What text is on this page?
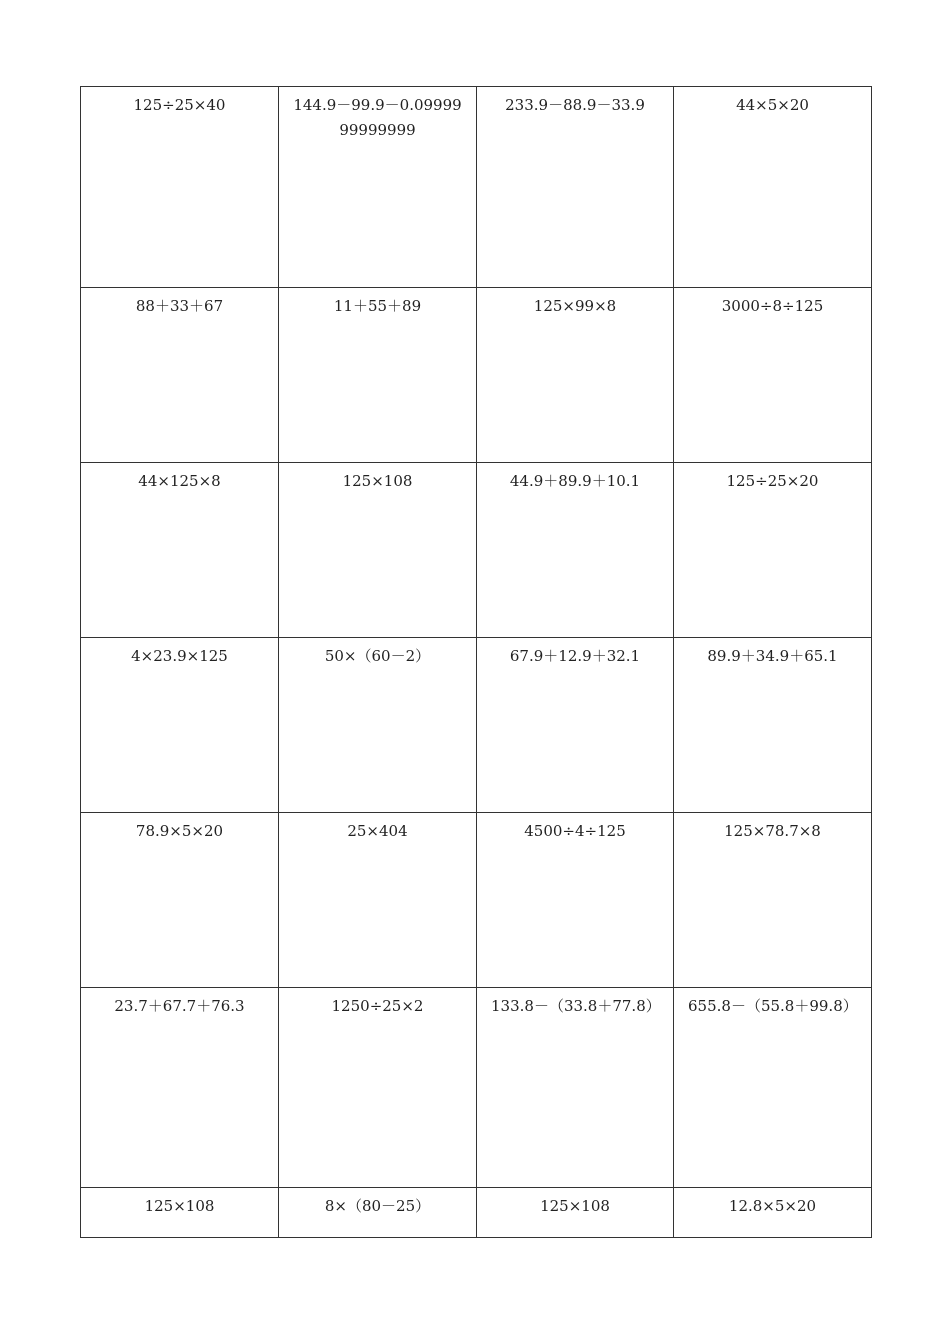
125÷25×40	144.9－99.9－0.0999999999999	233.9－88.9－33.9	44×5×20

88＋33＋67	11＋55＋89	125×99×8	3000÷8÷125

44×125×8	125×108	44.9＋89.9＋10.1	125÷25×20

4×23.9×125	50×（60－2）	67.9＋12.9＋32.1	89.9＋34.9＋65.1

78.9×5×20	25×404	4500÷4÷125	125×78.7×8

23.7＋67.7＋76.3	1250÷25×2	133.8－（33.8＋77.8）	655.8－（55.8＋99.8）

125×108	8×（80－25）	125×108	12.8×5×20
